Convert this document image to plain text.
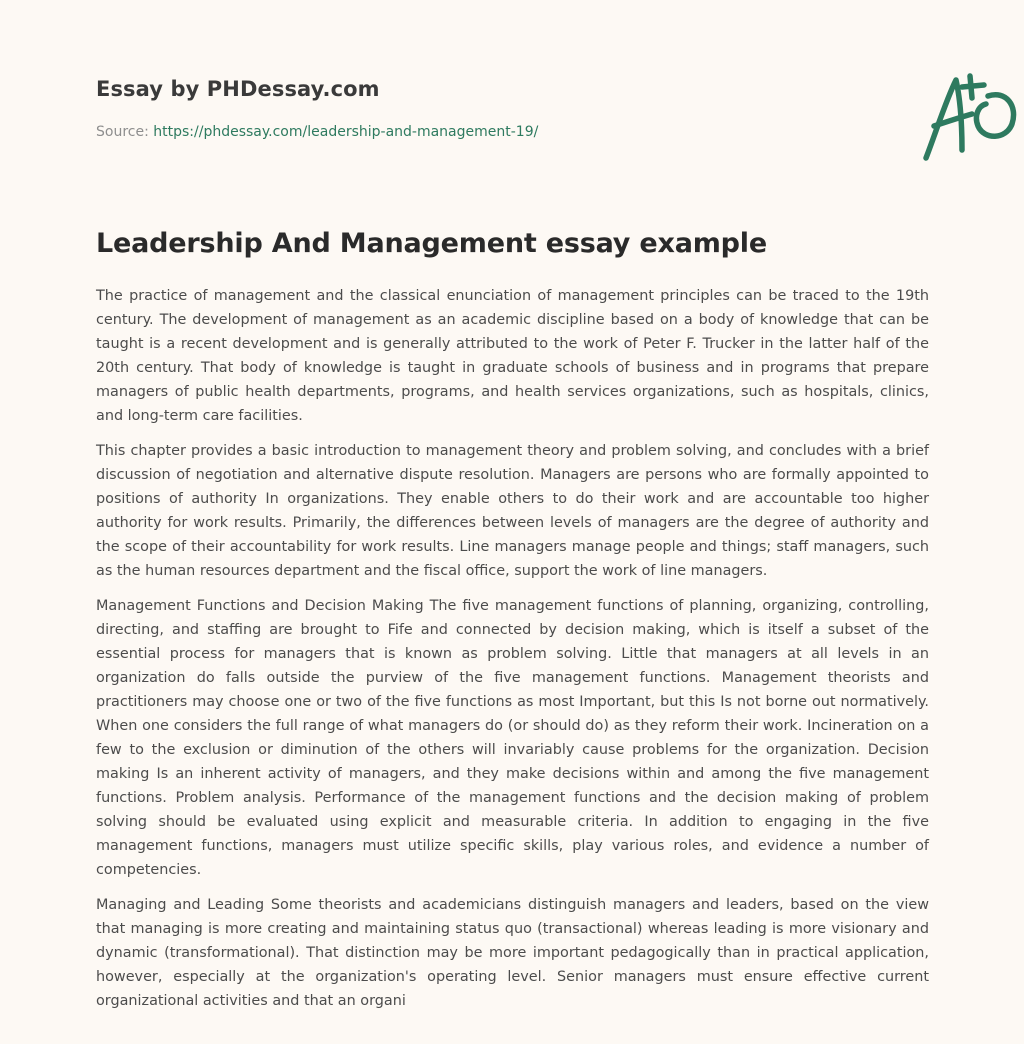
Essay by PHDessay.com
Source: https://phdessay.com/leadership-and-management-19/
Leadership And Management essay example

The practice of management and the classical enunciation of management principles can be traced to the 19th century. The development of management as an academic discipline based on a body of knowledge that can be taught is a recent development and is generally attributed to the work of Peter F. Trucker in the latter half of the 20th century. That body of knowledge is taught in graduate schools of business and in programs that prepare managers of public health departments, programs, and health services organizations, such as hospitals, clinics, and long-term care facilities.

This chapter provides a basic introduction to management theory and problem solving, and concludes with a brief discussion of negotiation and alternative dispute resolution. Managers are persons who are formally appointed to positions of authority In organizations. They enable others to do their work and are accountable too higher authority for work results. Primarily, the differences between levels of managers are the degree of authority and the scope of their accountability for work results. Line managers manage people and things; staff managers, such as the human resources department and the fiscal office, support the work of line managers.

Management Functions and Decision Making The five management functions of planning, organizing, controlling, directing, and staffing are brought to Fife and connected by decision making, which is itself a subset of the essential process for managers that is known as problem solving. Little that managers at all levels in an organization do falls outside the purview of the five management functions. Management theorists and practitioners may choose one or two of the five functions as most Important, but this Is not borne out normatively. When one considers the full range of what managers do (or should do) as they reform their work. Incineration on a few to the exclusion or diminution of the others will invariably cause problems for the organization. Decision making Is an inherent activity of managers, and they make decisions within and among the five management functions. Problem analysis. Performance of the management functions and the decision making of problem solving should be evaluated using explicit and measurable criteria. In addition to engaging in the five management functions, managers must utilize specific skills, play various roles, and evidence a number of competencies.

Managing and Leading Some theorists and academicians distinguish managers and leaders, based on the view that managing is more creating and maintaining status quo (transactional) whereas leading is more visionary and dynamic (transformational). That distinction may be more important pedagogically than in practical application, however, especially at the organization's operating level. Senior managers must ensure effective current organizational activities and that an organi
